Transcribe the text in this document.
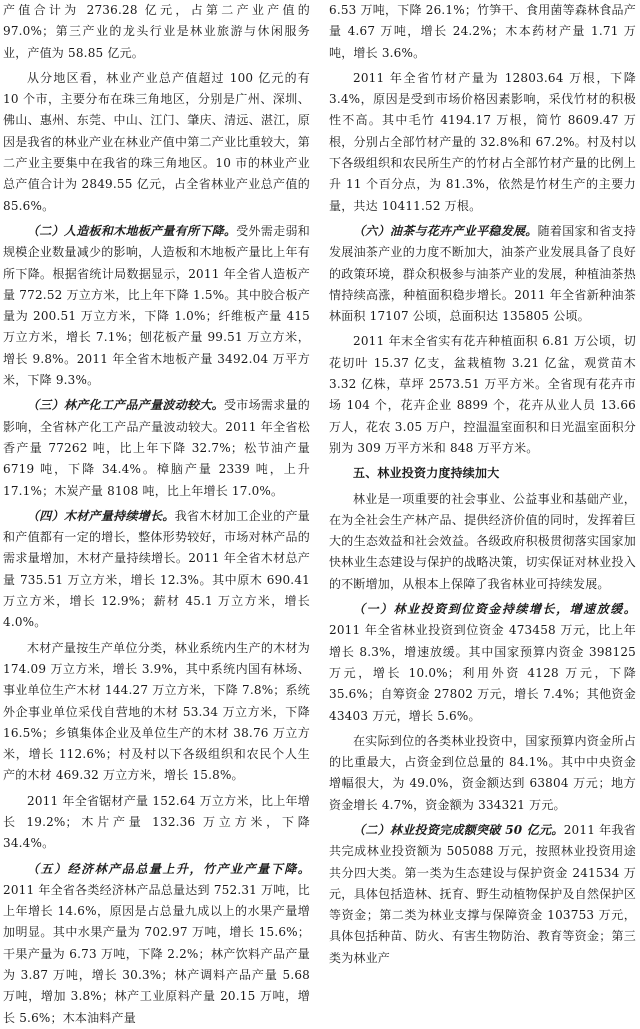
产值合计为 2736.28 亿元，占第二产业产值的 97.0%；第三产业的龙头行业是林业旅游与休闲服务业，产值为 58.85 亿元。

从分地区看，林业产业总产值超过 100 亿元的有 10 个市，主要分布在珠三角地区，分别是广州、深圳、佛山、惠州、东莞、中山、江门、肇庆、清远、湛江，原因是我省的林业产业在林业产值中第二产业比重较大，第二产业主要集中在我省的珠三角地区。10 市的林业产业总产值合计为 2849.55 亿元，占全省林业产业总产值的 85.6%。

（二）人造板和木地板产量有所下降。受外需走弱和规模企业数量减少的影响，人造板和木地板产量比上年有所下降。根据省统计局数据显示，2011 年全省人造板产量 772.52 万立方米，比上年下降 1.5%。其中胶合板产量为 200.51 万立方米，下降 1.0%；纤维板产量 415 万立方米，增长 7.1%；刨花板产量 99.51 万立方米，增长 9.8%。2011 年全省木地板产量 3492.04 万平方米，下降 9.3%。

（三）林产化工产品产量波动较大。受市场需求量的影响，全省林产化工产品产量波动较大。2011 年全省松香产量 77262 吨，比上年下降 32.7%；松节油产量 6719 吨，下降 34.4%。樟脑产量 2339 吨，上升 17.1%；木炭产量 8108 吨，比上年增长 17.0%。

（四）木材产量持续增长。我省木材加工企业的产量和产值都有一定的增长，整体形势较好，市场对林产品的需求量增加，木材产量持续增长。2011 年全省木材总产量 735.51 万立方米，增长 12.3%。其中原木 690.41 万立方米，增长 12.9%；薪材 45.1 万立方米，增长 4.0%。

木材产量按生产单位分类，林业系统内生产的木材为 174.09 万立方米，增长 3.9%，其中系统内国有林场、事业单位生产木材 144.27 万立方米，下降 7.8%；系统外企事业单位采伐自营地的木材 53.34 万立方米，下降 16.5%；乡镇集体企业及单位生产的木材 38.76 万立方米，增长 112.6%；村及村以下各级组织和农民个人生产的木材 469.32 万立方米，增长 15.8%。

2011 年全省锯材产量 152.64 万立方米，比上年增长 19.2%；木片产量 132.36 万立方米，下降 34.4%。

（五）经济林产品总量上升，竹产业产量下降。2011 年全省各类经济林产品总量达到 752.31 万吨，比上年增长 14.6%，原因是占总量九成以上的水果产量增加明显。其中水果产量为 702.97 万吨，增长 15.6%；干果产量为 6.73 万吨，下降 2.2%；林产饮料产品产量为 3.87 万吨，增长 30.3%；林产调料产品产量 5.68 万吨，增加 3.8%；林产工业原料产量 20.15 万吨，增长 5.6%；木本油料产量

6.53 万吨，下降 26.1%；竹笋干、食用菌等森林食品产量 4.67 万吨，增长 24.2%；木本药材产量 1.71 万吨，增长 3.6%。

2011 年全省竹材产量为 12803.64 万根，下降 3.4%，原因是受到市场价格因素影响，采伐竹材的积极性不高。其中毛竹 4194.17 万根，简竹 8609.47 万根，分别占全部竹材产量的 32.8%和 67.2%。村及村以下各级组织和农民所生产的竹材占全部竹材产量的比例上升 11 个百分点，为 81.3%，依然是竹材生产的主要力量，共达 10411.52 万根。

（六）油茶与花卉产业平稳发展。随着国家和省支持发展油茶产业的力度不断加大，油茶产业发展具备了良好的政策环境，群众积极参与油茶产业的发展，种植油茶热情持续高涨，种植面积稳步增长。2011 年全省新种油茶林面积 17107 公顷，总面积达 135805 公顷。

2011 年末全省实有花卉种植面积 6.81 万公顷，切花切叶 15.37 亿支，盆栽植物 3.21 亿盆，观赏苗木 3.32 亿株，草坪 2573.51 万平方米。全省现有花卉市场 104 个，花卉企业 8899 个，花卉从业人员 13.66 万人，花农 3.05 万户，控温温室面积和日光温室面积分别为 309 万平方米和 848 万平方米。

五、林业投资力度持续加大

林业是一项重要的社会事业、公益事业和基础产业，在为全社会生产林产品、提供经济价值的同时，发挥着巨大的生态效益和社会效益。各级政府积极贯彻落实国家加快林业生态建设与保护的战略决策，切实保证对林业投入的不断增加，从根本上保障了我省林业可持续发展。

（一）林业投资到位资金持续增长，增速放缓。2011 年全省林业投资到位资金 473458 万元，比上年增长 8.3%，增速放缓。其中国家预算内资金 398125 万元，增长 10.0%；利用外资 4128 万元，下降 35.6%；自筹资金 27802 万元，增长 7.4%；其他资金 43403 万元，增长 5.6%。

在实际到位的各类林业投资中，国家预算内资金所占的比重最大，占资金到位总量的 84.1%。其中中央资金增幅很大，为 49.0%，资金额达到 63804 万元；地方资金增长 4.7%，资金额为 334321 万元。

（二）林业投资完成额突破 50 亿元。2011 年我省共完成林业投资额为 505088 万元，按照林业投资用途共分四大类。第一类为生态建设与保护资金 241534 万元，具体包括造林、抚育、野生动植物保护及自然保护区等资金；第二类为林业支撑与保障资金 103753 万元，具体包括种苗、防火、有害生物防治、教育等资金；第三类为林业产
